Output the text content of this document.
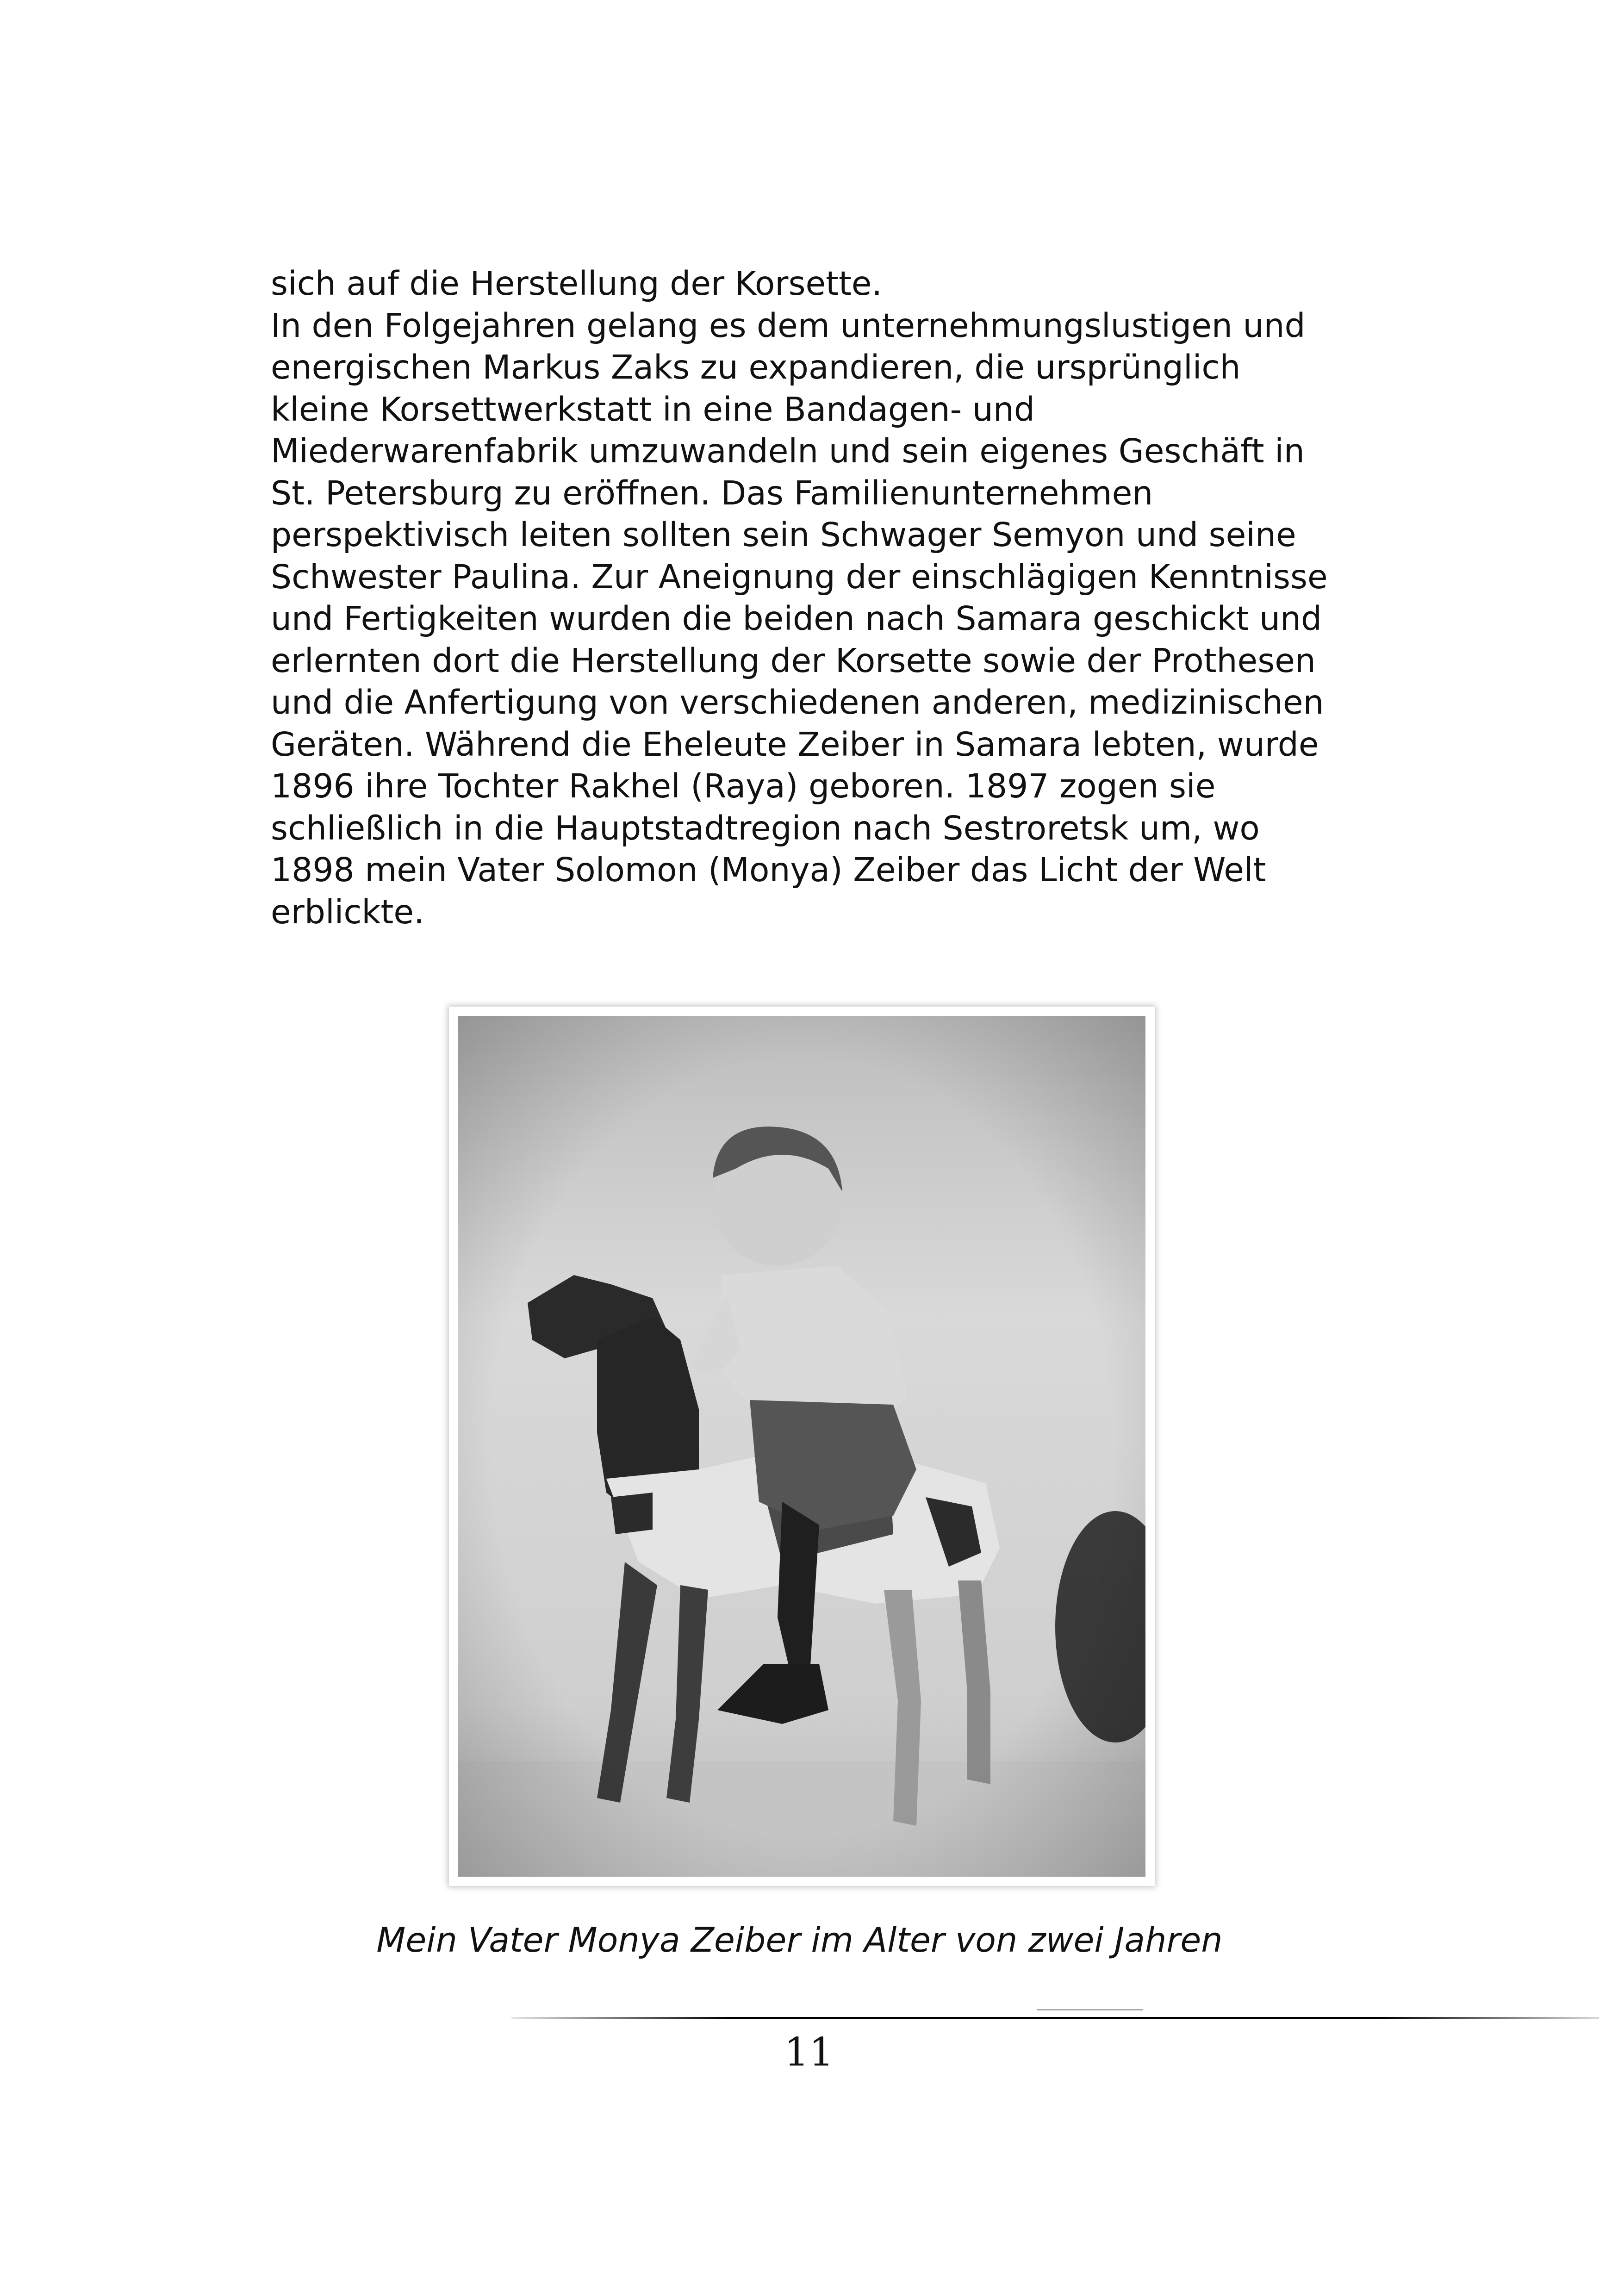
sich auf die Herstellung der Korsette.

In den Folgejahren gelang es dem unternehmungslustigen und energischen Markus Zaks zu expandieren, die ursprünglich kleine Korsettwerkstatt in eine Bandagen- und Miederwarenfabrik umzuwandeln und sein eigenes Geschäft in St. Petersburg zu eröffnen. Das Familienunternehmen perspektivisch leiten sollten sein Schwager Semyon und seine Schwester Paulina. Zur Aneignung der einschlägigen Kenntnisse und Fertigkeiten wurden die beiden nach Samara geschickt und erlernten dort die Herstellung der Korsette sowie der Prothesen und die Anfertigung von verschiedenen anderen, medizinischen Geräten. Während die Eheleute Zeiber in Samara lebten, wurde 1896 ihre Tochter Rakhel (Raya) geboren. 1897 zogen sie schließlich in die Hauptstadtregion nach Sestroretsk um, wo 1898 mein Vater Solomon (Monya) Zeiber das Licht der Welt erblickte.

Mein Vater Monya Zeiber im Alter von zwei Jahren
11
